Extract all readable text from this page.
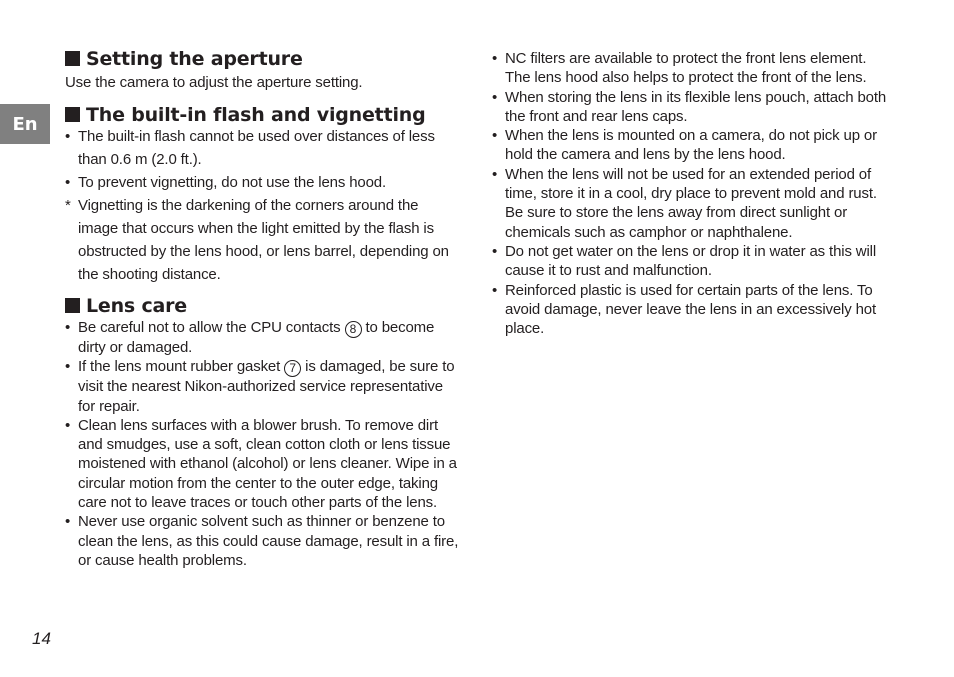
En
Setting the aperture

Use the camera to adjust the aperture setting.

The built-in flash and vignetting
• The built-in flash cannot be used over distances of less than 0.6 m (2.0 ft.).
• To prevent vignetting, do not use the lens hood.
* Vignetting is the darkening of the corners around the image that occurs when the light emitted by the flash is obstructed by the lens hood, or lens barrel, depending on the shooting distance.
Lens care
• Be careful not to allow the CPU contacts 8 to become dirty or damaged.
• If the lens mount rubber gasket 7 is damaged, be sure to visit the nearest Nikon-authorized service representative for repair.
• Clean lens surfaces with a blower brush. To remove dirt and smudges, use a soft, clean cotton cloth or lens tissue moistened with ethanol (alcohol) or lens cleaner. Wipe in a circular motion from the center to the outer edge, taking care not to leave traces or touch other parts of the lens.
• Never use organic solvent such as thinner or benzene to clean the lens, as this could cause damage, result in a fire, or cause health problems.
• NC filters are available to protect the front lens element. The lens hood also helps to protect the front of the lens.
• When storing the lens in its flexible lens pouch, attach both the front and rear lens caps.
• When the lens is mounted on a camera, do not pick up or hold the camera and lens by the lens hood.
• When the lens will not be used for an extended period of time, store it in a cool, dry place to prevent mold and rust. Be sure to store the lens away from direct sunlight or chemicals such as camphor or naphthalene.
• Do not get water on the lens or drop it in water as this will cause it to rust and malfunction.
• Reinforced plastic is used for certain parts of the lens. To avoid damage, never leave the lens in an excessively hot place.
14
